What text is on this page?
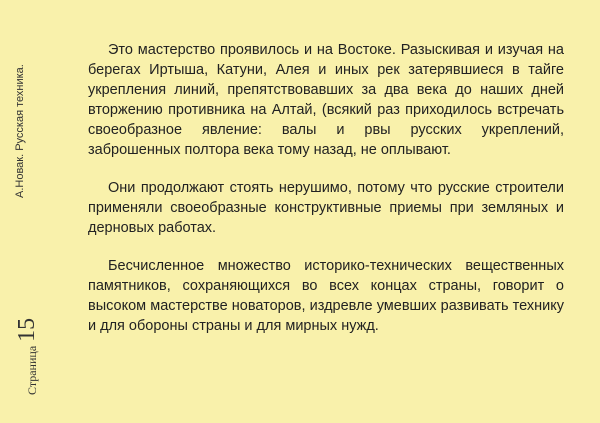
А.Новак. Русская техника.
Страница
15

Это мастерство проявилось и на Востоке. Разыскивая и изучая на берегах Иртыша, Катуни, Алея и иных рек затерявшиеся в тайге укрепления линий, препятствовавших за два века до наших дней вторжению противника на Алтай, (всякий раз приходилось встречать своеобразное явление: валы и рвы русских укреплений, заброшенных полтора века тому назад, не оплывают.

Они продолжают стоять нерушимо, потому что русские строители применяли своеобразные конструктивные приемы при земляных и дерновых работах.

Бесчисленное множество историко-технических вещественных памятников, сохраняющихся во всех концах страны, говорит о высоком мастерстве новаторов, издревле умевших развивать технику и для обороны страны и для мирных нужд.
